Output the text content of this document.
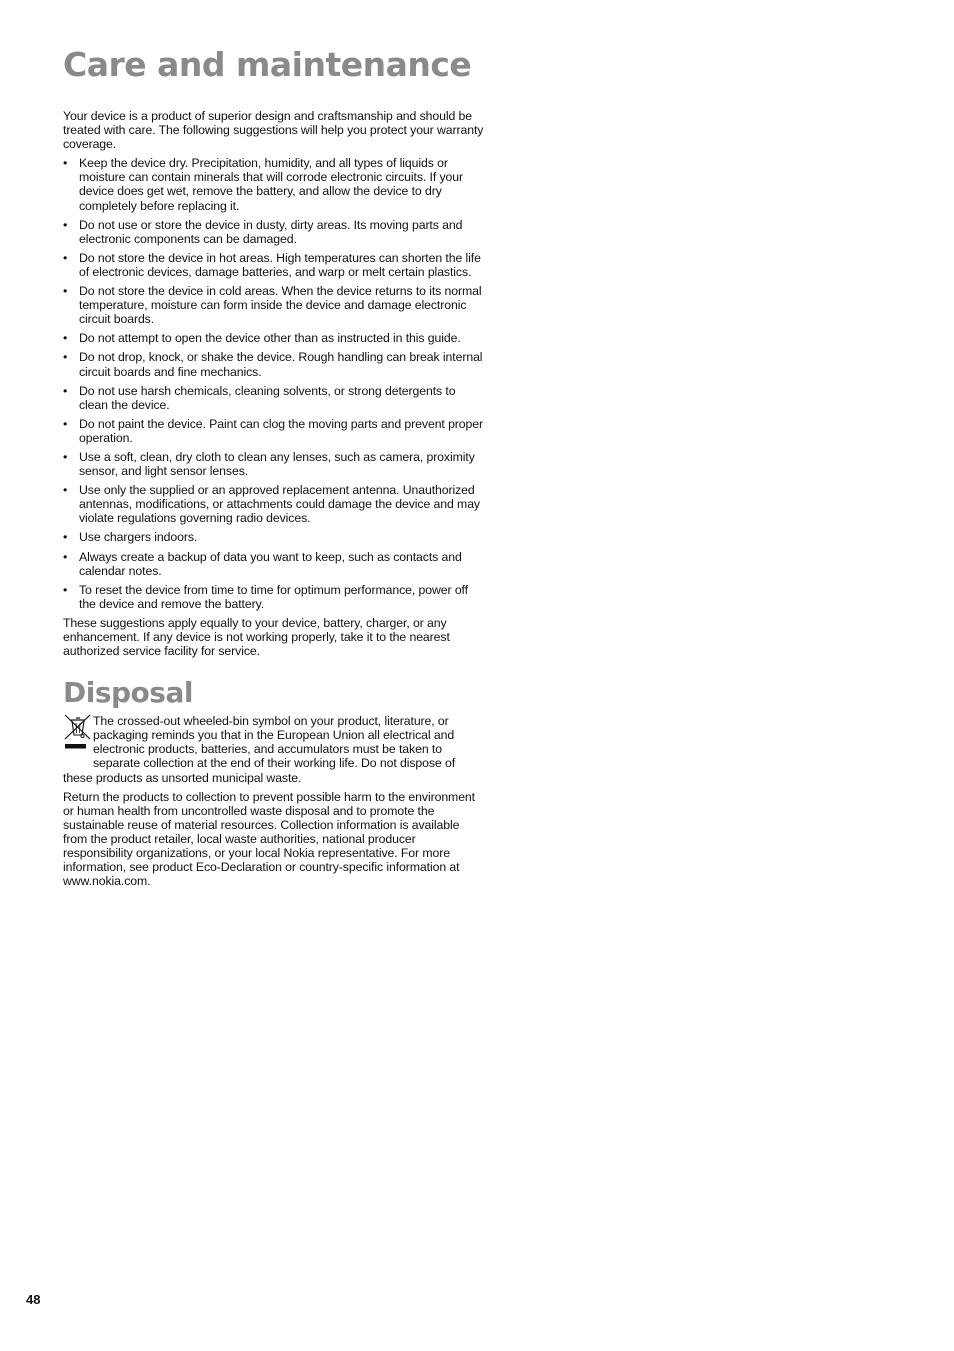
Care and maintenance

Your device is a product of superior design and craftsmanship and should be treated with care. The following suggestions will help you protect your warranty coverage.

• Keep the device dry. Precipitation, humidity, and all types of liquids or moisture can contain minerals that will corrode electronic circuits. If your device does get wet, remove the battery, and allow the device to dry completely before replacing it.
• Do not use or store the device in dusty, dirty areas. Its moving parts and electronic components can be damaged.
• Do not store the device in hot areas. High temperatures can shorten the life of electronic devices, damage batteries, and warp or melt certain plastics.
• Do not store the device in cold areas. When the device returns to its normal temperature, moisture can form inside the device and damage electronic circuit boards.
• Do not attempt to open the device other than as instructed in this guide.
• Do not drop, knock, or shake the device. Rough handling can break internal circuit boards and fine mechanics.
• Do not use harsh chemicals, cleaning solvents, or strong detergents to clean the device.
• Do not paint the device. Paint can clog the moving parts and prevent proper operation.
• Use a soft, clean, dry cloth to clean any lenses, such as camera, proximity sensor, and light sensor lenses.
• Use only the supplied or an approved replacement antenna. Unauthorized antennas, modifications, or attachments could damage the device and may violate regulations governing radio devices.
• Use chargers indoors.
• Always create a backup of data you want to keep, such as contacts and calendar notes.
• To reset the device from time to time for optimum performance, power off the device and remove the battery.

These suggestions apply equally to your device, battery, charger, or any enhancement. If any device is not working properly, take it to the nearest authorized service facility for service.

Disposal
The crossed-out wheeled-bin symbol on your product, literature, or
packaging reminds you that in the European Union all electrical and
electronic products, batteries, and accumulators must be taken to
separate collection at the end of their working life. Do not dispose of
these products as unsorted municipal waste.

Return the products to collection to prevent possible harm to the environment or human health from uncontrolled waste disposal and to promote the sustainable reuse of material resources. Collection information is available from the product retailer, local waste authorities, national producer responsibility organizations, or your local Nokia representative. For more information, see product Eco-Declaration or country-specific information at www.nokia.com.

48
